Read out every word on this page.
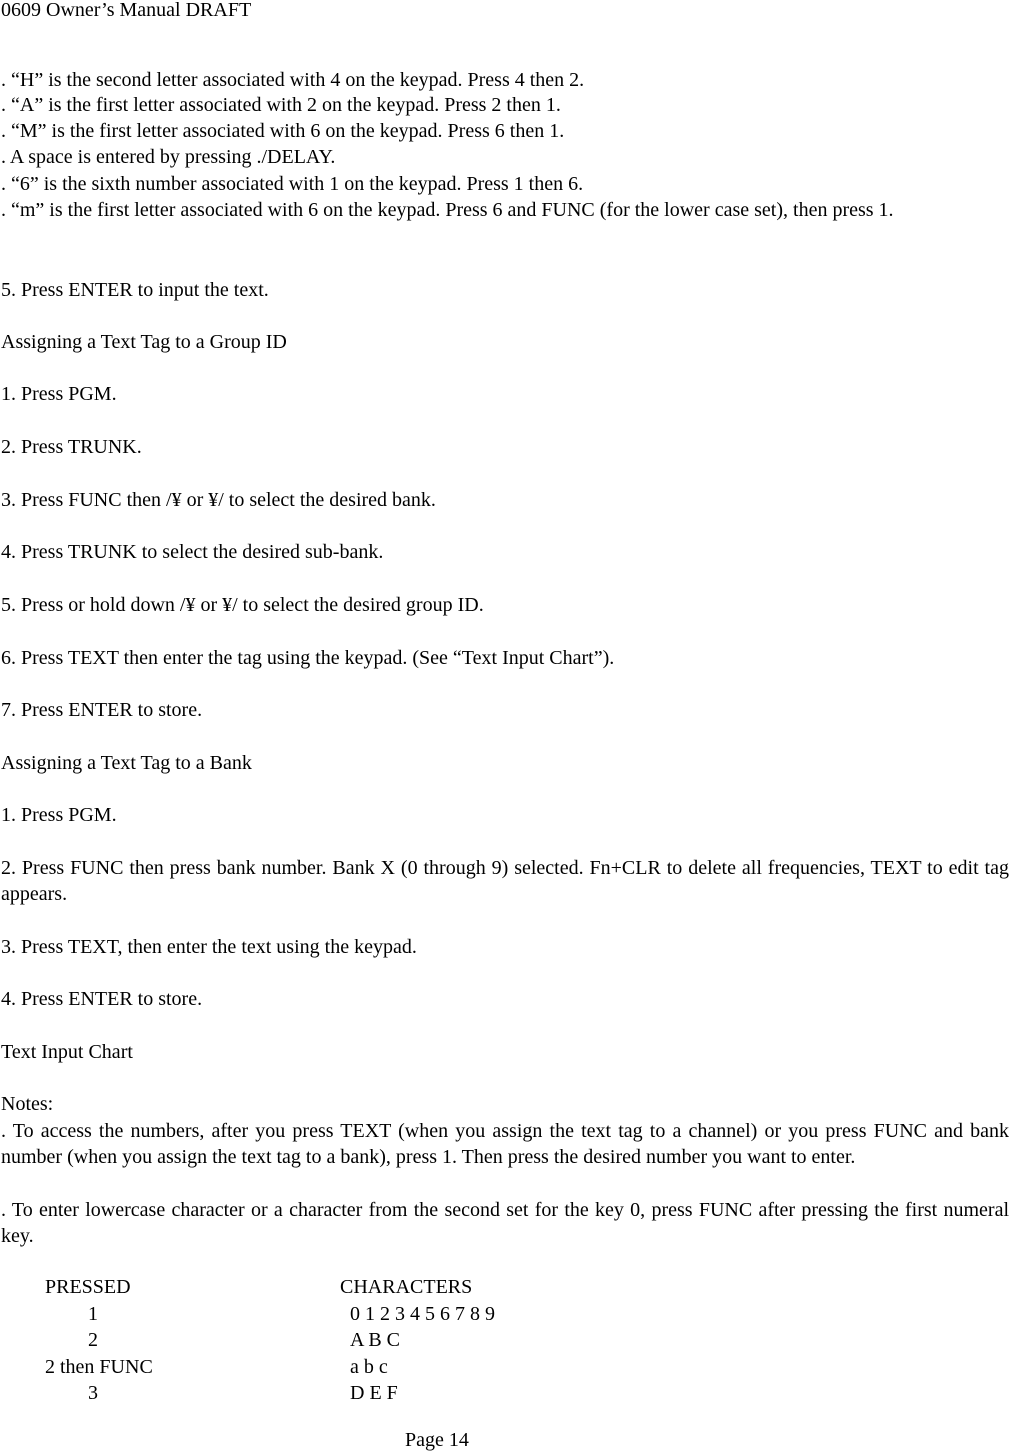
0609 Owner’s Manual DRAFT
. “H” is the second letter associated with 4 on the keypad. Press 4 then 2.
. “A” is the first letter associated with 2 on the keypad. Press 2 then 1.
. “M” is the first letter associated with 6 on the keypad. Press 6 then 1.
. A space is entered by pressing ./DELAY.
. “6” is the sixth number associated with 1 on the keypad. Press 1 then 6.
. “m” is the first letter associated with 6 on the keypad. Press 6 and FUNC (for the lower case set), then press 1.
5. Press ENTER to input the text.
Assigning a Text Tag to a Group ID
1. Press PGM.
2. Press TRUNK.
3. Press FUNC then /¥ or ¥/ to select the desired bank.
4. Press TRUNK to select the desired sub-bank.
5. Press or hold down /¥ or ¥/ to select the desired group ID.
6. Press TEXT then enter the tag using the keypad. (See “Text Input Chart”).
7. Press ENTER to store.
Assigning a Text Tag to a Bank
1. Press PGM.
2. Press FUNC then press bank number. Bank X (0 through 9) selected. Fn+CLR to delete all frequencies, TEXT to edit tag appears.
3. Press TEXT, then enter the text using the keypad.
4. Press ENTER to store.
Text Input Chart
Notes:
. To access the numbers, after you press TEXT (when you assign the text tag to a channel) or you press FUNC and bank number (when you assign the text tag to a bank), press 1. Then press the desired number you want to enter.
. To enter lowercase character or a character from the second set for the key 0, press FUNC after pressing the first numeral key.
PRESSED	CHARACTERS
1	0 1 2 3 4 5 6 7 8 9
2	A B C
2 then FUNC	a b c
3	D E F
Page 14
